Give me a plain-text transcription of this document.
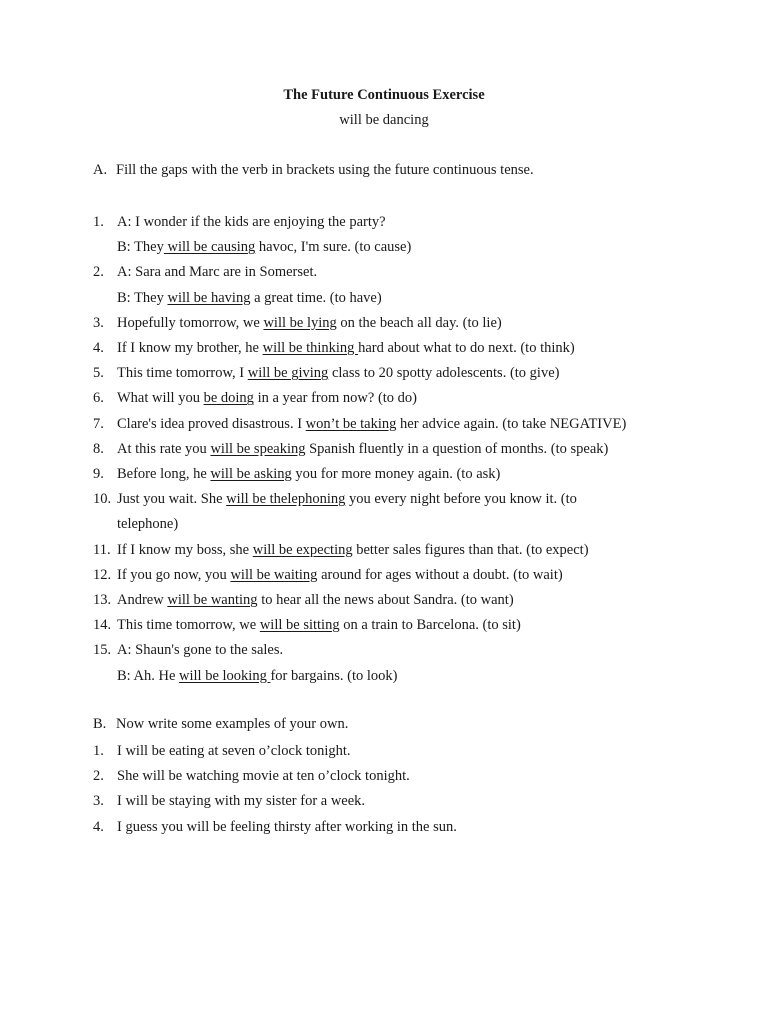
The Future Continuous Exercise
will be dancing
A. Fill the gaps with the verb in brackets using the future continuous tense.
1. A: I wonder if the kids are enjoying the party?
B: They will be causing havoc, I'm sure. (to cause)
2. A: Sara and Marc are in Somerset.
B: They will be having a great time. (to have)
3. Hopefully tomorrow, we will be lying on the beach all day. (to lie)
4. If I know my brother, he will be thinking hard about what to do next. (to think)
5. This time tomorrow, I will be giving class to 20 spotty adolescents. (to give)
6. What will you be doing in a year from now? (to do)
7. Clare's idea proved disastrous. I won’t be taking her advice again. (to take NEGATIVE)
8. At this rate you will be speaking Spanish fluently in a question of months. (to speak)
9. Before long, he will be asking you for more money again. (to ask)
10. Just you wait. She will be thelephoning you every night before you know it. (to
telephone)
11. If I know my boss, she will be expecting better sales figures than that. (to expect)
12. If you go now, you will be waiting around for ages without a doubt. (to wait)
13. Andrew will be wanting to hear all the news about Sandra. (to want)
14. This time tomorrow, we will be sitting on a train to Barcelona. (to sit)
15. A: Shaun's gone to the sales.
B: Ah. He will be looking for bargains. (to look)
B. Now write some examples of your own.
1. I will be eating at seven o’clock tonight.
2. She will be watching movie at ten o’clock tonight.
3. I will be staying with my sister for a week.
4. I guess you will be feeling thirsty after working in the sun.
